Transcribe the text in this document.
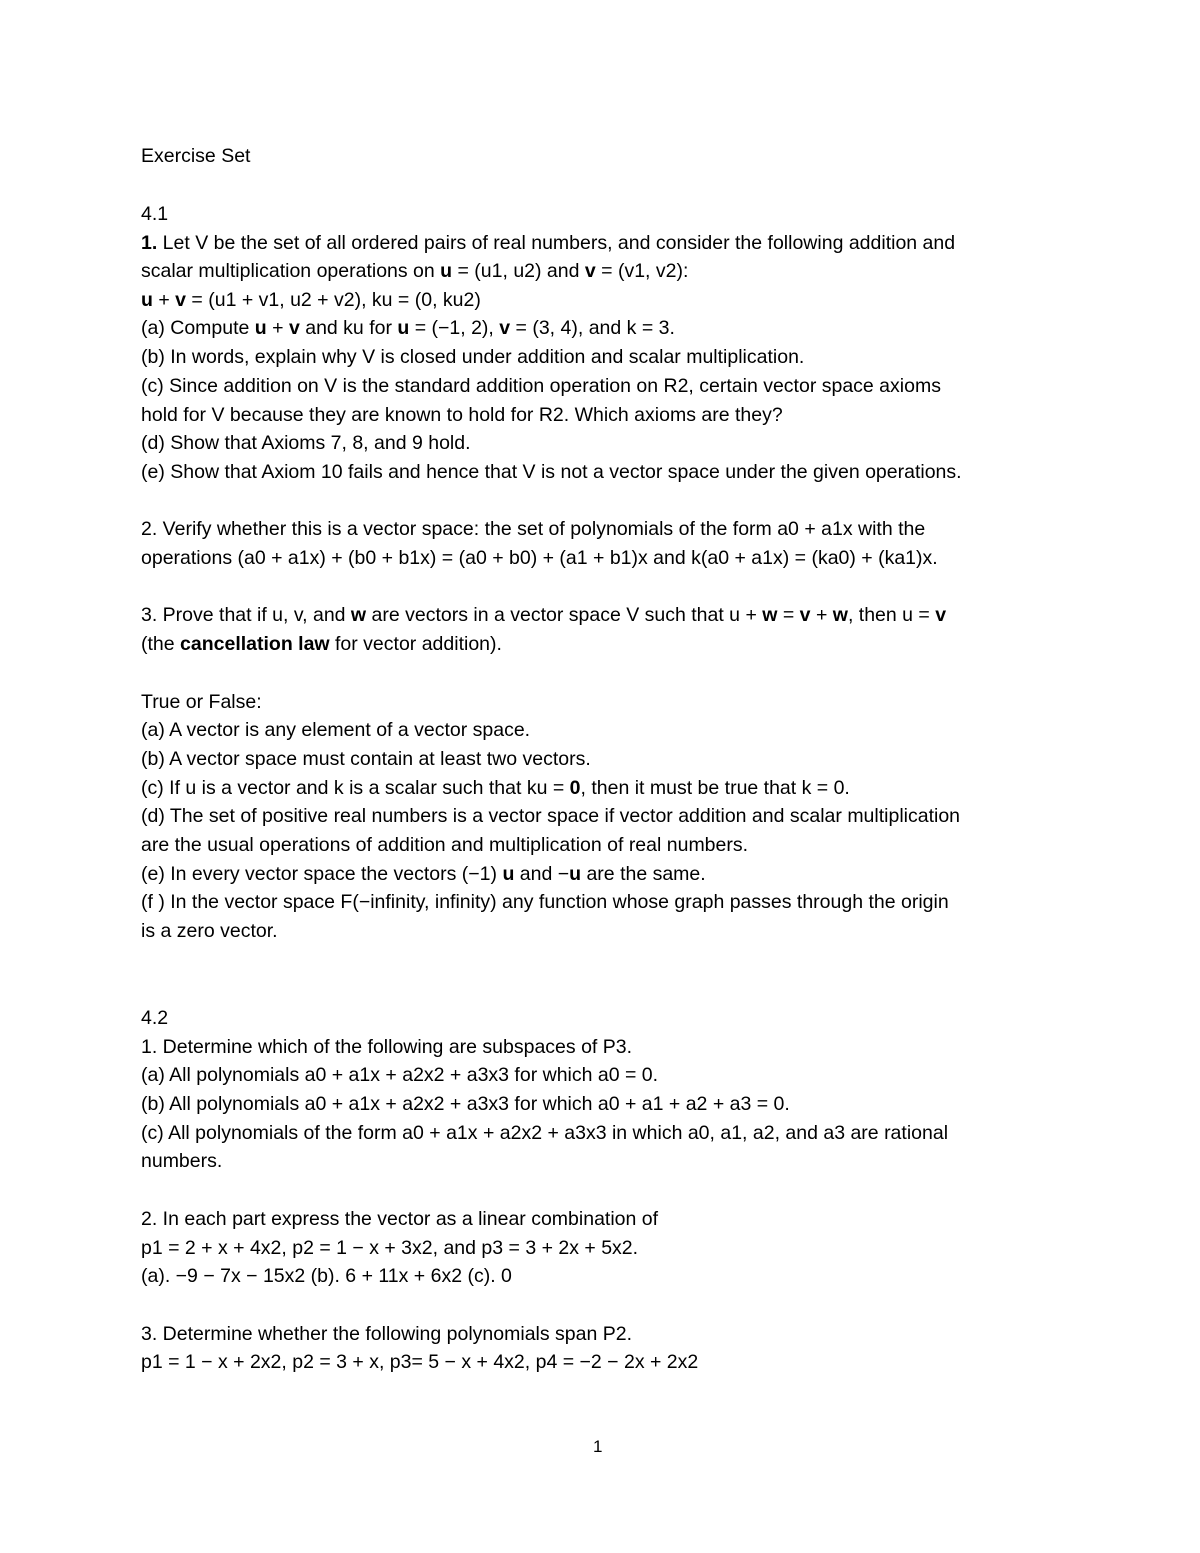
Exercise Set
4.1
1. Let V be the set of all ordered pairs of real numbers, and consider the following addition and
scalar multiplication operations on u = (u1, u2) and v = (v1, v2):
u + v = (u1 + v1, u2 + v2), ku = (0, ku2)
(a) Compute u + v and ku for u = (−1, 2), v = (3, 4), and k = 3.
(b) In words, explain why V is closed under addition and scalar multiplication.
(c) Since addition on V is the standard addition operation on R2, certain vector space axioms
hold for V because they are known to hold for R2. Which axioms are they?
(d) Show that Axioms 7, 8, and 9 hold.
(e) Show that Axiom 10 fails and hence that V is not a vector space under the given operations.
2. Verify whether this is a vector space: the set of polynomials of the form a0 + a1x with the
operations (a0 + a1x) + (b0 + b1x) = (a0 + b0) + (a1 + b1)x and k(a0 + a1x) = (ka0) + (ka1)x.
3. Prove that if u, v, and w are vectors in a vector space V such that u + w = v + w, then u = v
(the cancellation law for vector addition).
True or False:
(a) A vector is any element of a vector space.
(b) A vector space must contain at least two vectors.
(c) If u is a vector and k is a scalar such that ku = 0, then it must be true that k = 0.
(d) The set of positive real numbers is a vector space if vector addition and scalar multiplication
are the usual operations of addition and multiplication of real numbers.
(e) In every vector space the vectors (−1) u and −u are the same.
(f ) In the vector space F(−infinity, infinity) any function whose graph passes through the origin
is a zero vector.
4.2
1. Determine which of the following are subspaces of P3.
(a) All polynomials a0 + a1x + a2x2 + a3x3 for which a0 = 0.
(b) All polynomials a0 + a1x + a2x2 + a3x3 for which a0 + a1 + a2 + a3 = 0.
(c) All polynomials of the form a0 + a1x + a2x2 + a3x3 in which a0, a1, a2, and a3 are rational
numbers.
2. In each part express the vector as a linear combination of
p1 = 2 + x + 4x2, p2 = 1 − x + 3x2, and p3 = 3 + 2x + 5x2.
(a). −9 − 7x − 15x2 (b). 6 + 11x + 6x2 (c). 0
3. Determine whether the following polynomials span P2.
p1 = 1 − x + 2x2, p2 = 3 + x, p3= 5 − x + 4x2, p4 = −2 − 2x + 2x2
1
